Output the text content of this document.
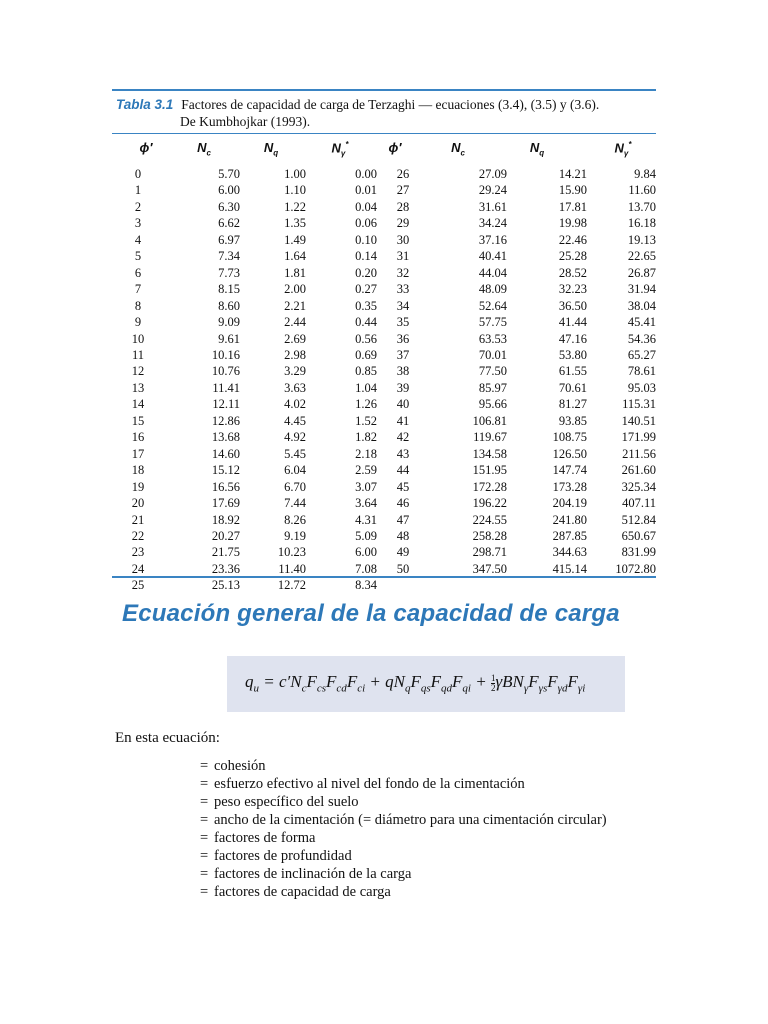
Tabla 3.1 Factores de capacidad de carga de Terzaghi — ecuaciones (3.4), (3.5) y (3.6).
De Kumbhojkar (1993).
ϕ′	$N_c$	$N_q$	$N_\gamma^*$	ϕ′	$N_c$	$N_q$	$N_\gamma^*$
0	5.70	1.00	0.00	26	27.09	14.21	9.84
1	6.00	1.10	0.01	27	29.24	15.90	11.60
2	6.30	1.22	0.04	28	31.61	17.81	13.70
3	6.62	1.35	0.06	29	34.24	19.98	16.18
4	6.97	1.49	0.10	30	37.16	22.46	19.13
5	7.34	1.64	0.14	31	40.41	25.28	22.65
6	7.73	1.81	0.20	32	44.04	28.52	26.87
7	8.15	2.00	0.27	33	48.09	32.23	31.94
8	8.60	2.21	0.35	34	52.64	36.50	38.04
9	9.09	2.44	0.44	35	57.75	41.44	45.41
10	9.61	2.69	0.56	36	63.53	47.16	54.36
11	10.16	2.98	0.69	37	70.01	53.80	65.27
12	10.76	3.29	0.85	38	77.50	61.55	78.61
13	11.41	3.63	1.04	39	85.97	70.61	95.03
14	12.11	4.02	1.26	40	95.66	81.27	115.31
15	12.86	4.45	1.52	41	106.81	93.85	140.51
16	13.68	4.92	1.82	42	119.67	108.75	171.99
17	14.60	5.45	2.18	43	134.58	126.50	211.56
18	15.12	6.04	2.59	44	151.95	147.74	261.60
19	16.56	6.70	3.07	45	172.28	173.28	325.34
20	17.69	7.44	3.64	46	196.22	204.19	407.11
21	18.92	8.26	4.31	47	224.55	241.80	512.84
22	20.27	9.19	5.09	48	258.28	287.85	650.67
23	21.75	10.23	6.00	49	298.71	344.63	831.99
24	23.36	11.40	7.08	50	347.50	415.14	1072.80
25	25.13	12.72	8.34				
Ecuación general de la capacidad de carga
$q_u = c'N_cF_{cs}F_{cd}F_{ci} + qN_qF_{qs}F_{qd}F_{qi} + \frac{1}{2} \gamma BN_\gamma F_{\gamma s}F_{\gamma d}F_{\gamma i}$
En esta ecuación:
= cohesión
= esfuerzo efectivo al nivel del fondo de la cimentación
= peso específico del suelo
= ancho de la cimentación (= diámetro para una cimentación circular)
= factores de forma
= factores de profundidad
= factores de inclinación de la carga
= factores de capacidad de carga
